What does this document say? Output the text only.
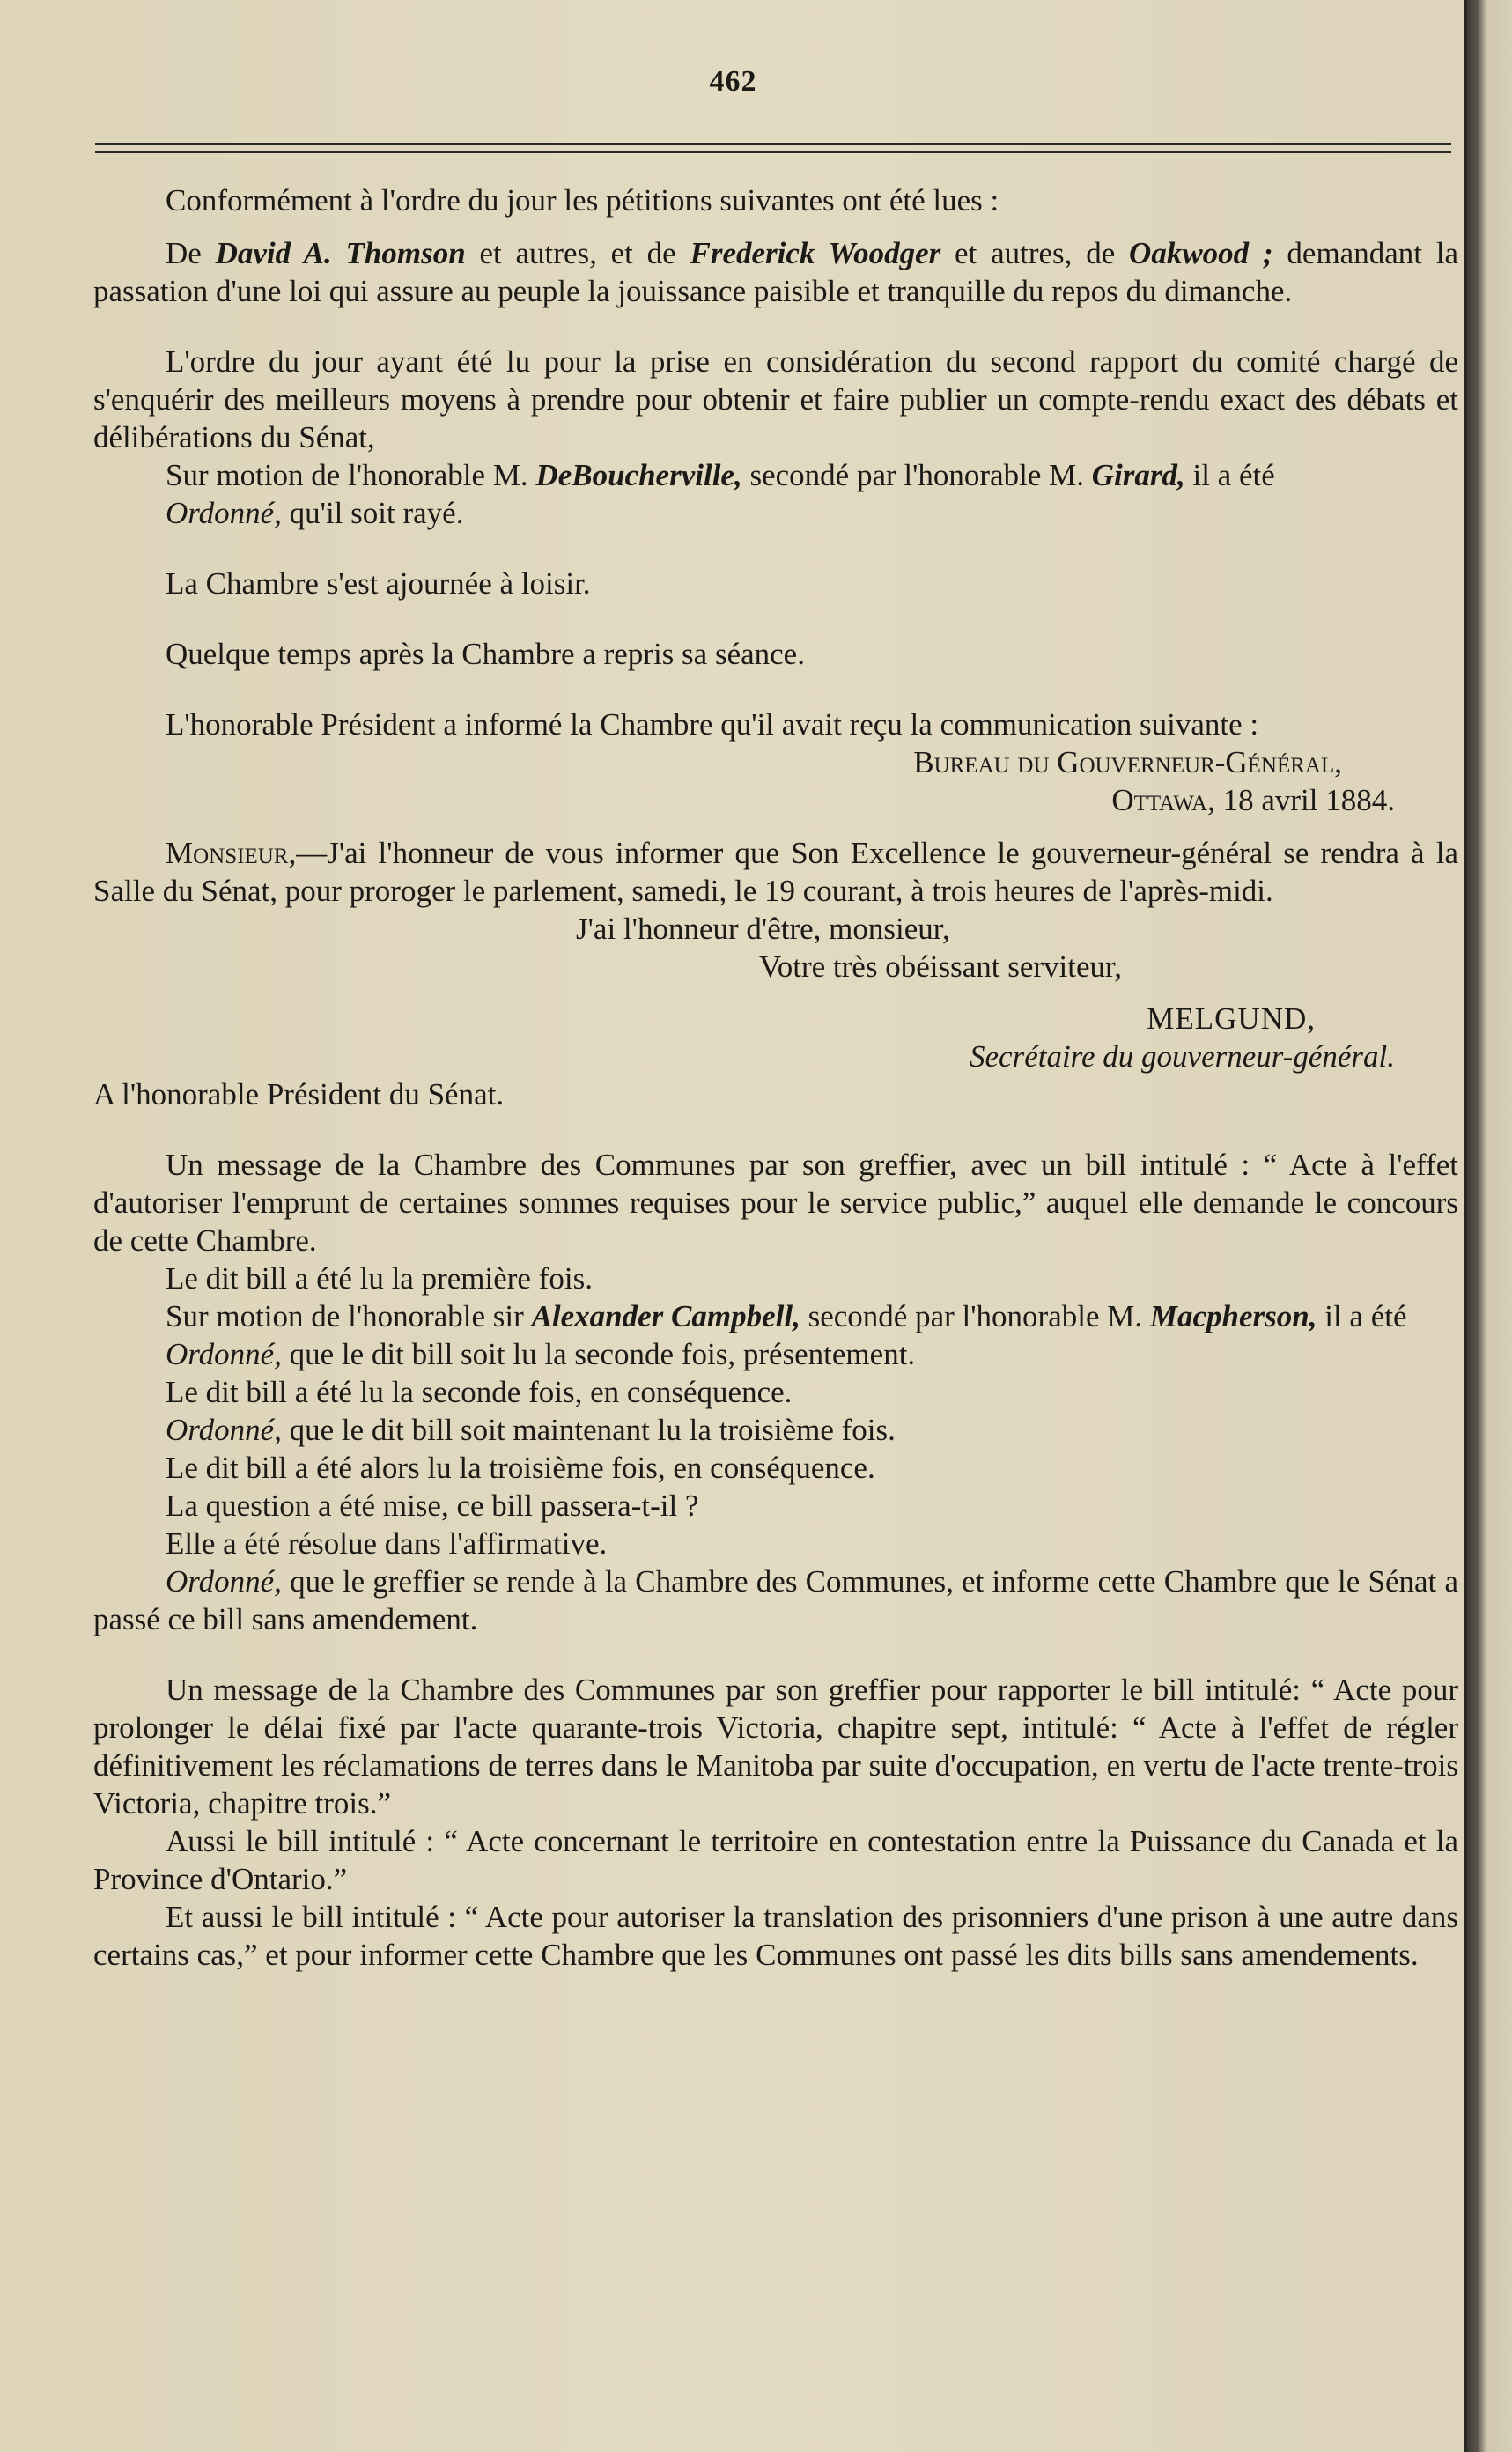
462

Conformément à l'ordre du jour les pétitions suivantes ont été lues :

De David A. Thomson et autres, et de Frederick Woodger et autres, de Oakwood ; demandant la passation d'une loi qui assure au peuple la jouissance paisible et tranquille du repos du dimanche.

L'ordre du jour ayant été lu pour la prise en considération du second rapport du comité chargé de s'enquérir des meilleurs moyens à prendre pour obtenir et faire publier un compte-rendu exact des débats et délibérations du Sénat,

Sur motion de l'honorable M. DeBoucherville, secondé par l'honorable M. Girard, il a été

Ordonné, qu'il soit rayé.

La Chambre s'est ajournée à loisir.

Quelque temps après la Chambre a repris sa séance.

L'honorable Président a informé la Chambre qu'il avait reçu la communication suivante :

Bureau du Gouverneur-Général,

Ottawa, 18 avril 1884.

Monsieur,—J'ai l'honneur de vous informer que Son Excellence le gouverneur-général se rendra à la Salle du Sénat, pour proroger le parlement, samedi, le 19 courant, à trois heures de l'après-midi.

J'ai l'honneur d'être, monsieur,

Votre très obéissant serviteur,

MELGUND,

Secrétaire du gouverneur-général.

A l'honorable Président du Sénat.

Un message de la Chambre des Communes par son greffier, avec un bill intitulé : “ Acte à l'effet d'autoriser l'emprunt de certaines sommes requises pour le service public,” auquel elle demande le concours de cette Chambre.

Le dit bill a été lu la première fois.

Sur motion de l'honorable sir Alexander Campbell, secondé par l'honorable M. Macpherson, il a été

Ordonné, que le dit bill soit lu la seconde fois, présentement.

Le dit bill a été lu la seconde fois, en conséquence.

Ordonné, que le dit bill soit maintenant lu la troisième fois.

Le dit bill a été alors lu la troisième fois, en conséquence.

La question a été mise, ce bill passera-t-il ?

Elle a été résolue dans l'affirmative.

Ordonné, que le greffier se rende à la Chambre des Communes, et informe cette Chambre que le Sénat a passé ce bill sans amendement.

Un message de la Chambre des Communes par son greffier pour rapporter le bill intitulé: “ Acte pour prolonger le délai fixé par l'acte quarante-trois Victoria, chapitre sept, intitulé: “ Acte à l'effet de régler définitivement les réclamations de terres dans le Manitoba par suite d'occupation, en vertu de l'acte trente-trois Victoria, chapitre trois.”

Aussi le bill intitulé : “ Acte concernant le territoire en contestation entre la Puissance du Canada et la Province d'Ontario.”

Et aussi le bill intitulé : “ Acte pour autoriser la translation des prisonniers d'une prison à une autre dans certains cas,” et pour informer cette Chambre que les Communes ont passé les dits bills sans amendements.
